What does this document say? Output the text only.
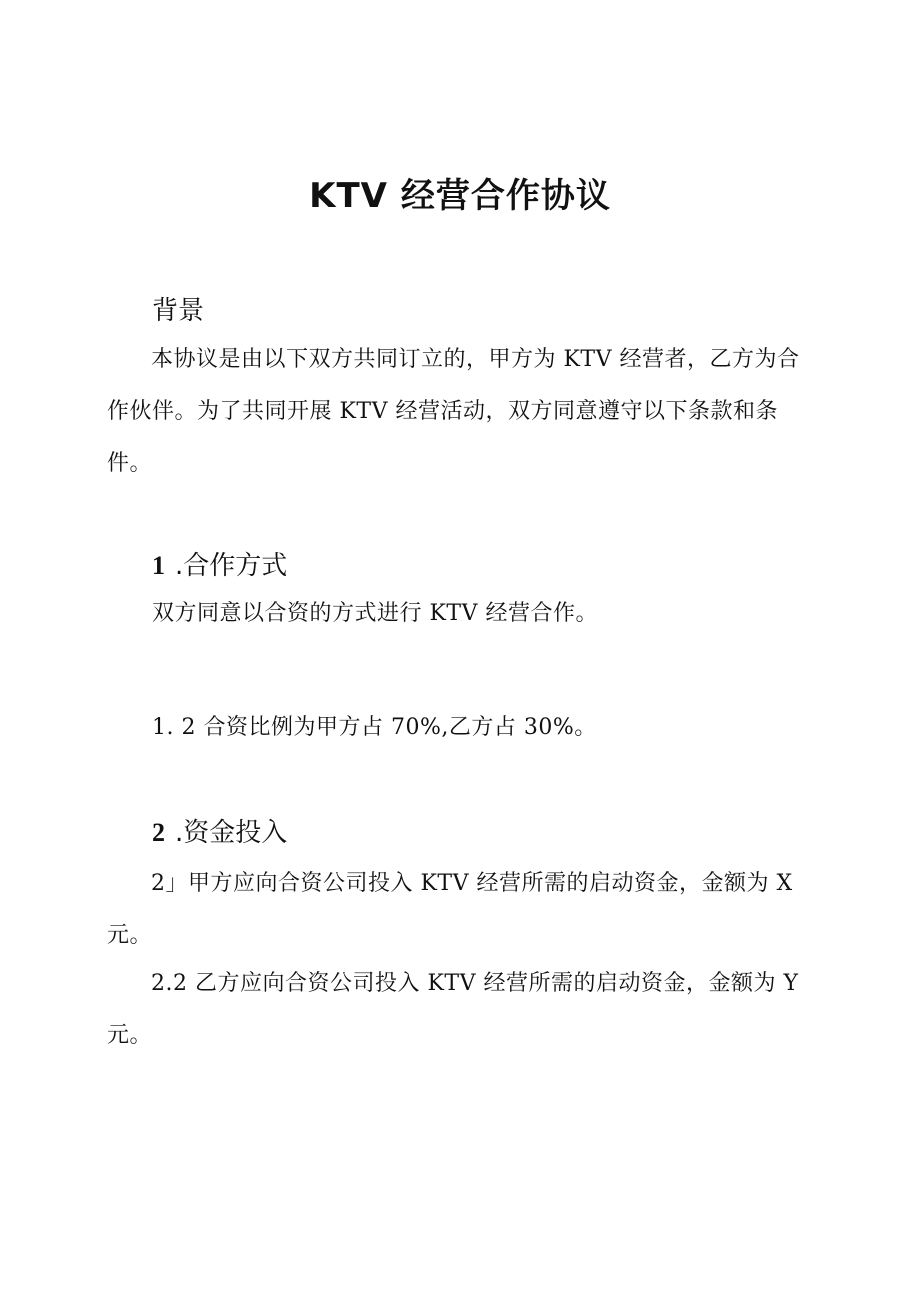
KTV 经营合作协议
背景

本协议是由以下双方共同订立的，甲方为 KTV 经营者，乙方为合作伙伴。为了共同开展 KTV 经营活动，双方同意遵守以下条款和条件。

1 .合作方式

双方同意以合资的方式进行 KTV 经营合作。

1. 2 合资比例为甲方占 70%,乙方占 30%。

2 .资金投入

2」甲方应向合资公司投入 KTV 经营所需的启动资金，金额为 X 元。

2.2 乙方应向合资公司投入 KTV 经营所需的启动资金，金额为 Y 元。
